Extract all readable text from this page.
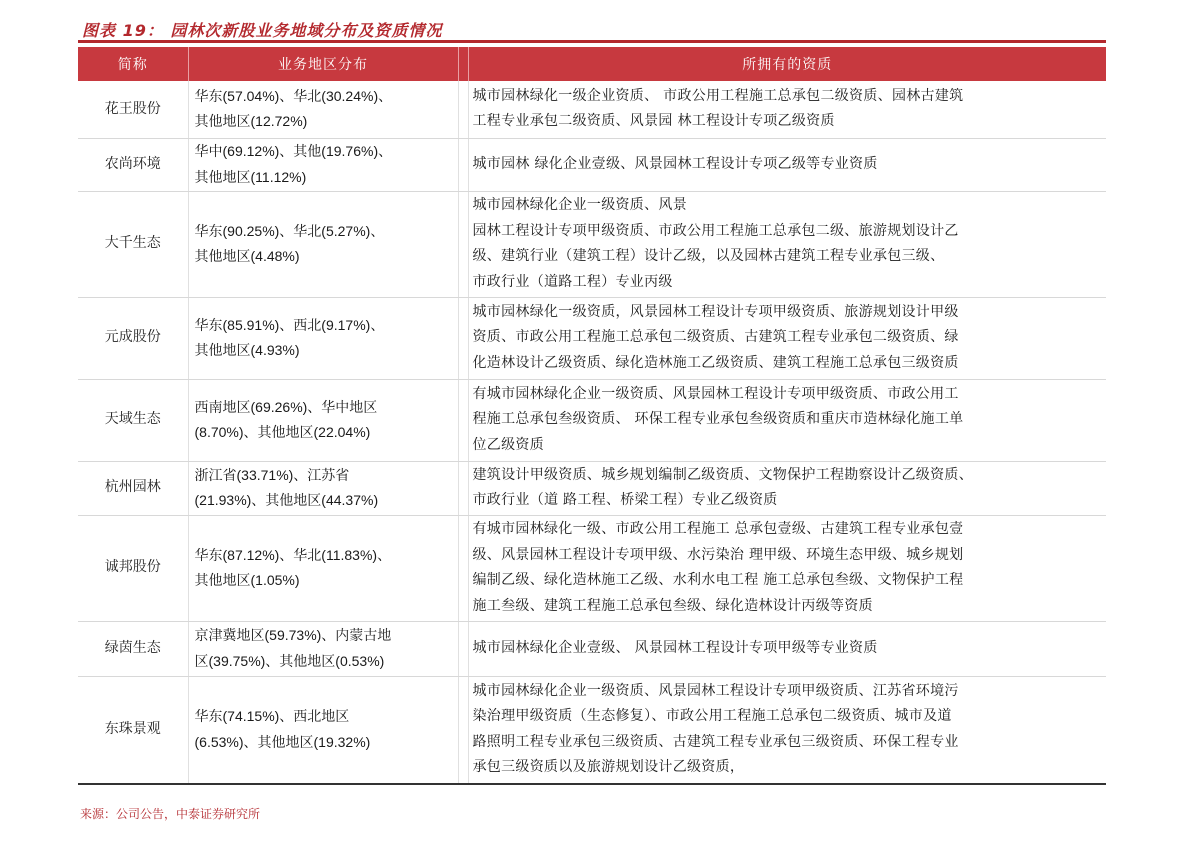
图表 19： 园林次新股业务地域分布及资质情况
简称	业务地区分布		所拥有的资质
花王股份	华东(57.04%)、华北(30.24%)、
其他地区(12.72%)		城市园林绿化一级企业资质、 市政公用工程施工总承包二级资质、园林古建筑
工程专业承包二级资质、风景园 林工程设计专项乙级资质

农尚环境	华中(69.12%)、其他(19.76%)、
其他地区(11.12%)		城市园林 绿化企业壹级、风景园林工程设计专项乙级等专业资质

大千生态	华东(90.25%)、华北(5.27%)、
其他地区(4.48%)		城市园林绿化企业一级资质、风景
园林工程设计专项甲级资质、市政公用工程施工总承包二级、旅游规划设计乙
级、建筑行业（建筑工程）设计乙级，以及园林古建筑工程专业承包三级、
市政行业（道路工程）专业丙级

元成股份	华东(85.91%)、西北(9.17%)、
其他地区(4.93%)		城市园林绿化一级资质，风景园林工程设计专项甲级资质、旅游规划设计甲级
资质、市政公用工程施工总承包二级资质、古建筑工程专业承包二级资质、绿
化造林设计乙级资质、绿化造林施工乙级资质、建筑工程施工总承包三级资质

天域生态	西南地区(69.26%)、华中地区
(8.70%)、其他地区(22.04%)		有城市园林绿化企业一级资质、风景园林工程设计专项甲级资质、市政公用工
程施工总承包叁级资质、 环保工程专业承包叁级资质和重庆市造林绿化施工单
位乙级资质

杭州园林	浙江省(33.71%)、江苏省
(21.93%)、其他地区(44.37%)		建筑设计甲级资质、城乡规划编制乙级资质、文物保护工程勘察设计乙级资质、
市政行业（道 路工程、桥梁工程）专业乙级资质

诚邦股份	华东(87.12%)、华北(11.83%)、
其他地区(1.05%)		有城市园林绿化一级、市政公用工程施工 总承包壹级、古建筑工程专业承包壹
级、风景园林工程设计专项甲级、水污染治 理甲级、环境生态甲级、城乡规划
编制乙级、绿化造林施工乙级、水利水电工程 施工总承包叁级、文物保护工程
施工叁级、建筑工程施工总承包叁级、绿化造林设计丙级等资质

绿茵生态	京津冀地区(59.73%)、内蒙古地
区(39.75%)、其他地区(0.53%)		城市园林绿化企业壹级、 风景园林工程设计专项甲级等专业资质

东珠景观	华东(74.15%)、西北地区
(6.53%)、其他地区(19.32%)		城市园林绿化企业一级资质、风景园林工程设计专项甲级资质、江苏省环境污
染治理甲级资质（生态修复）、市政公用工程施工总承包二级资质、城市及道
路照明工程专业承包三级资质、古建筑工程专业承包三级资质、环保工程专业
承包三级资质以及旅游规划设计乙级资质，
来源：公司公告，中泰证券研究所
